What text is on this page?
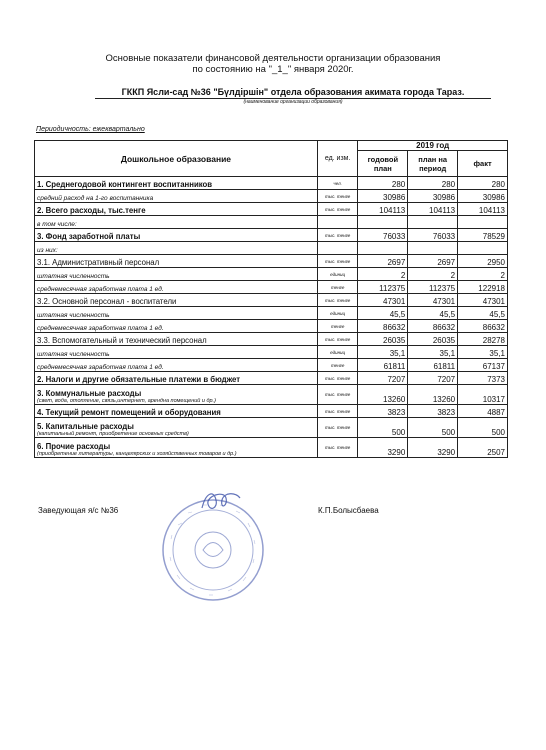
Основные показатели финансовой деятельности организации образования
по состоянию на "_1_" января 2020г.
ГККП Ясли-сад №36 "Бүлдіршін" отдела образования акимата города Тараз.
(наименование организации образования)
Периодичность: ежеквартально
Дошкольное образование	ед. изм.	2019 год		
		годовой план	план на период	факт
1. Среднегодовой контингент воспитанников	чел.	280	280	280
средний расход на 1-го воспитанника	тыс. тенге	30986	30986	30986
2. Всего расходы, тыс.тенге	тыс. тенге	104113	104113	104113
в том числе:				
3. Фонд заработной платы	тыс. тенге	76033	76033	78529
из них:				
3.1. Административный персонал	тыс. тенге	2697	2697	2950
штатная численность	единиц	2	2	2
среднемесячная заработная плата 1 ед.	тенге	112375	112375	122918
3.2. Основной персонал - воспитатели	тыс. тенге	47301	47301	47301
штатная численность	единиц	45,5	45,5	45,5
среднемесячная заработная плата 1 ед.	тенге	86632	86632	86632
3.3. Вспомогательный и технический персонал	тыс. тенге	26035	26035	28278
штатная численность	единиц	35,1	35,1	35,1
среднемесячная заработная плата 1 ед.	тенге	61811	61811	67137
2. Налоги и другие обязательные платежи в бюджет	тыс. тенге	7207	7207	7373
3. Коммунальные расходы
(свет, вода, отопление, связь,интернет, арендна помещений и др.)	тыс. тенге	13260	13260	10317
4. Текущий ремонт помещений и оборудования	тыс. тенге	3823	3823	4887
5. Капитальные расходы
(капитальный ремонт, приобретение основных средств)	тыс. тенге	500	500	500
6. Прочие расходы
(приобретение литературы, канцелярских и хозяйственных товаров и др.)	тыс. тенге	3290	3290	2507
Заведующая я/с №36	К.П.Болысбаева
